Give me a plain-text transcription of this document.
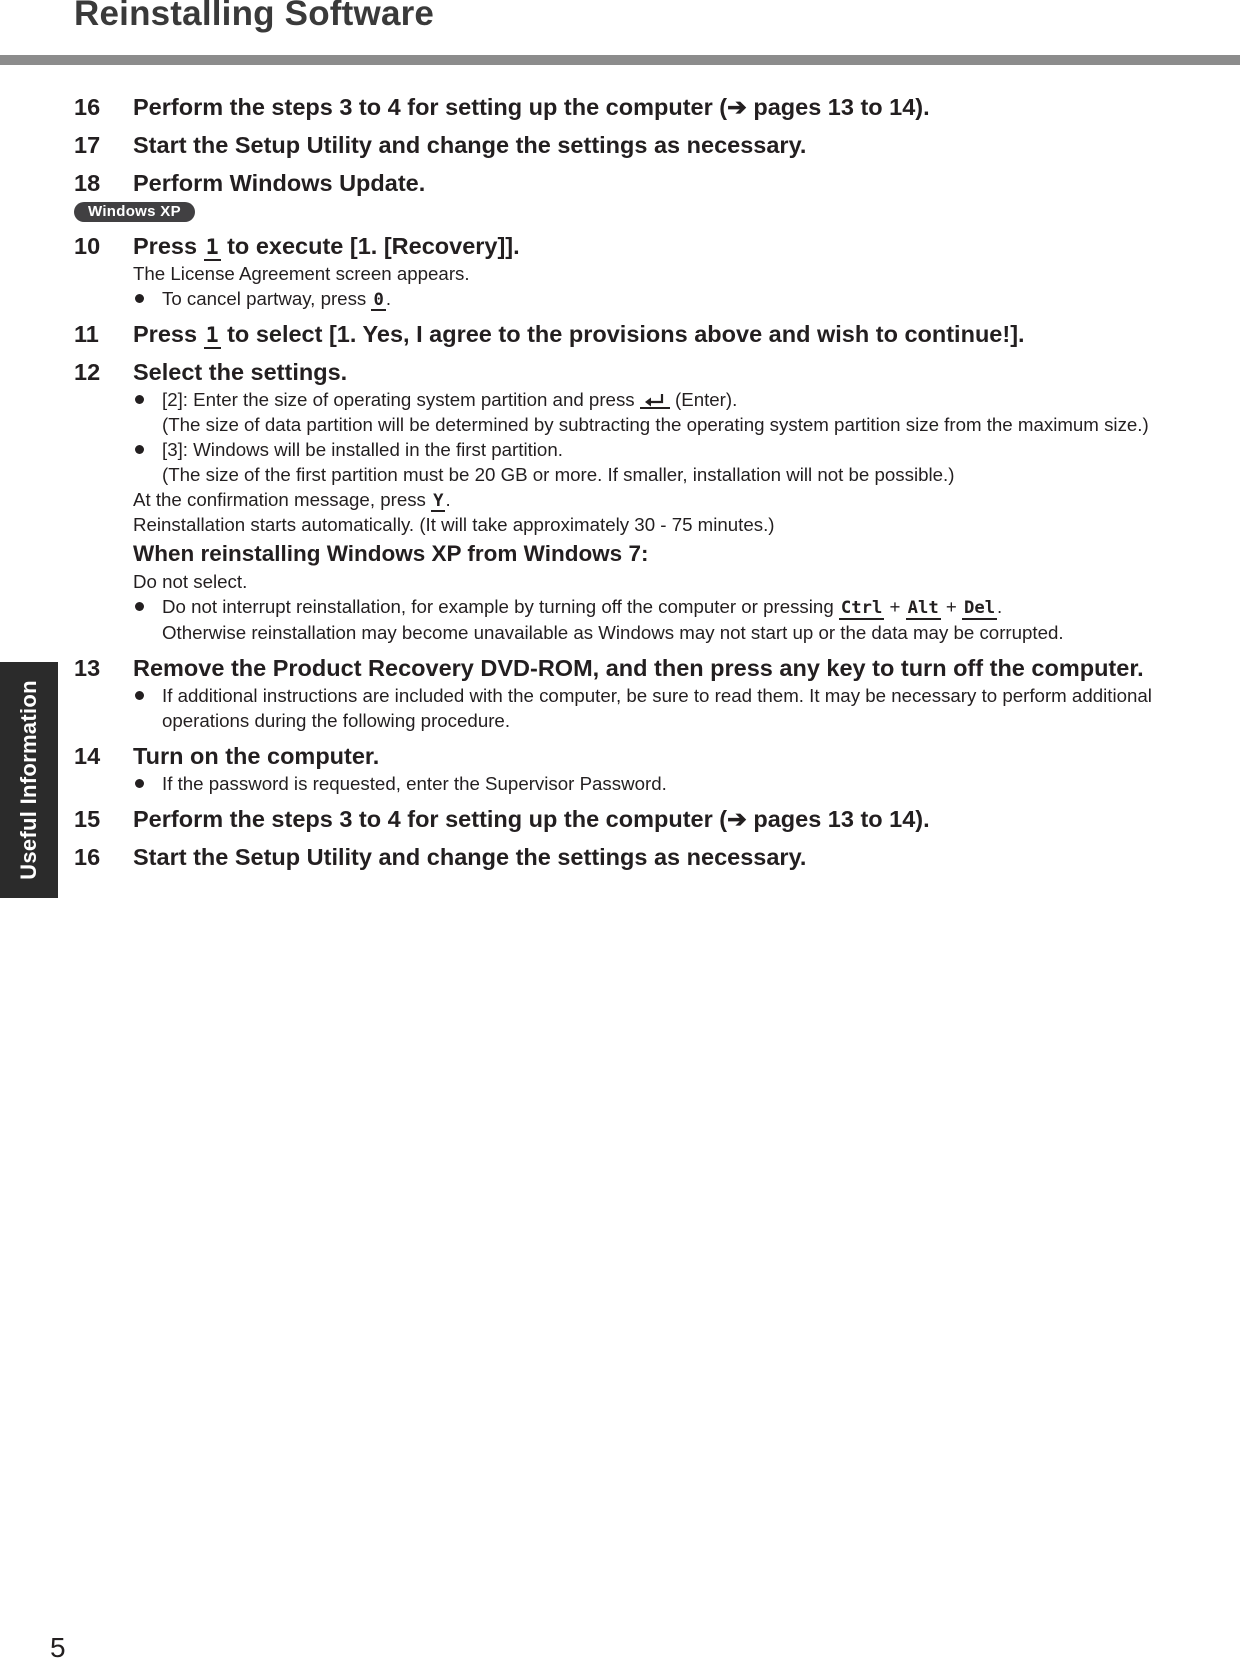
Reinstalling Software
Useful Information
16	Perform the steps 3 to 4 for setting up the computer (➔ pages 13 to 14).
17	Start the Setup Utility and change the settings as necessary.
18	Perform Windows Update.
Windows XP
10	Press 1 to execute [1. [Recovery]].
The License Agreement screen appears.
To cancel partway, press 0 .
11	Press 1 to select [1. Yes, I agree to the provisions above and wish to continue!].
12	Select the settings.
[2]: Enter the size of operating system partition and press  (Enter).
(The size of data partition will be determined by subtracting the operating system partition size from the maximum size.)
[3]: Windows will be installed in the first partition.
(The size of the first partition must be 20 GB or more. If smaller, installation will not be possible.)
At the confirmation message, press Y .
Reinstallation starts automatically. (It will take approximately 30 - 75 minutes.)
When reinstalling Windows XP from Windows 7:
Do not select.
Do not interrupt reinstallation, for example by turning off the computer or pressing Ctrl + Alt + Del .
Otherwise reinstallation may become unavailable as Windows may not start up or the data may be corrupted.
13	Remove the Product Recovery DVD-ROM, and then press any key to turn off the computer.
If additional instructions are included with the computer, be sure to read them. It may be necessary to perform additional operations during the following procedure.
14	Turn on the computer.
If the password is requested, enter the Supervisor Password.
15	Perform the steps 3 to 4 for setting up the computer (➔ pages 13 to 14).
16	Start the Setup Utility and change the settings as necessary.
5
